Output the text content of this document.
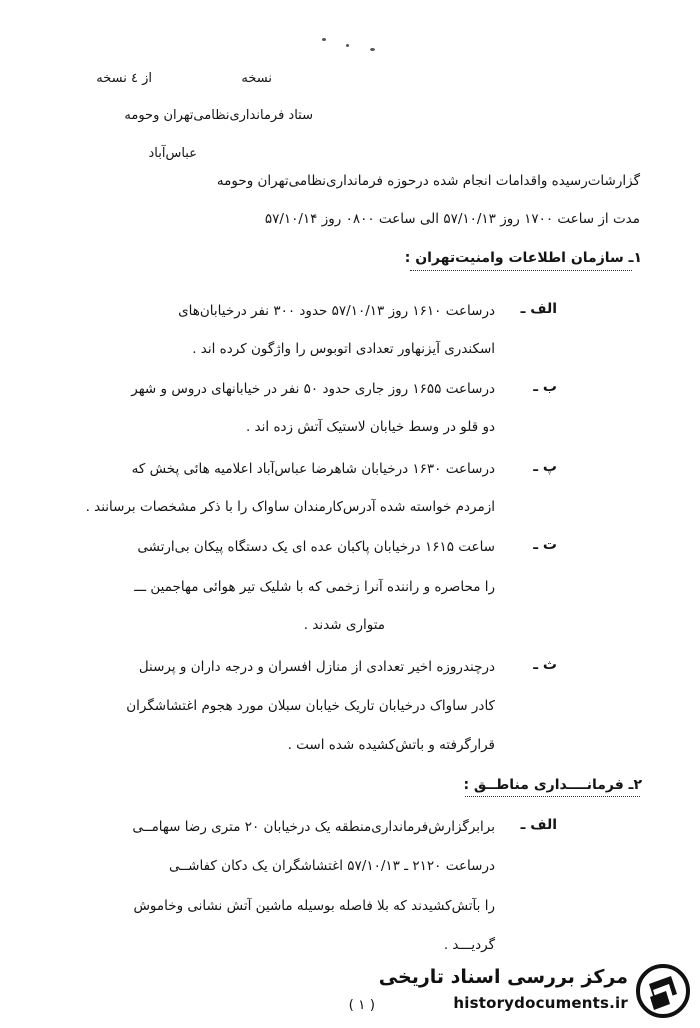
نسخه
از ٤ نسخه
ستاد فرمانداری‌نظامی‌تهران وحومه
عباس‌آباد
گزارشات‌رسیده واقدامات انجام شده درحوزه فرمانداری‌نظامی‌تهران وحومه
مدت‌ از ساعت ۱۷۰۰ روز ۵۷/۱۰/۱۳ الی ساعت ۰۸۰۰ روز ۵۷/۱۰/۱۴
۱ـ سازمان اطلاعات وامنیت‌تهران :
الف ـ
درساعت ۱۶۱۰ روز ۵۷/۱۰/۱۳ حدود ۳۰۰ نفر درخیابان‌های
اسکندری آیزنهاور تعدادی اتوبوس را واژگون کرده اند .
ب ـ
درساعت ۱۶۵۵ روز جاری حدود ۵۰ نفر در خیابانهای دروس و شهر
دو قلو در وسط خیابان لاستیک آتش زده اند .
پ ـ
درساعت ۱۶۳۰ درخیابان شاهرضا عباس‌آباد اعلامیه هائی پخش که
ازمردم خواسته شده آدرس‌کارمندان ساواک را با ذکر مشخصات برسانند .
ت ـ
ساعت ۱۶۱۵ درخیابان پاکبان عده ای یک دستگاه پیکان بی‌ارتشی
را محاصره و راننده آنرا زخمی که با شلیک تیر هوائی مهاجمین ـــ
متواری شدند .
ث ـ
درچندروزه اخیر تعدادی از منازل افسران و درجه داران و پرسنل
کادر ساواک درخیابان تاریک خیابان سبلان مورد هجوم اغتشاشگران
قرارگرفته و باتش‌کشیده شده است .
۲ـ فرمانــــداری مناطــق :
الف ـ
برابرگزارش‌فرمانداری‌منطقه یک درخیابان ۲۰ متری رضا سهامــی
درساعت ۲۱۲۰ ـ ۵۷/۱۰/۱۳ اغتشاشگران یک دکان کفاشــی
را بآتش‌کشیدند که بلا فاصله بوسیله ماشین آتش نشانی وخاموش
گردیـــد .
( ۱ )
مرکز بررسی اسناد تاریخی
historydocuments.ir
